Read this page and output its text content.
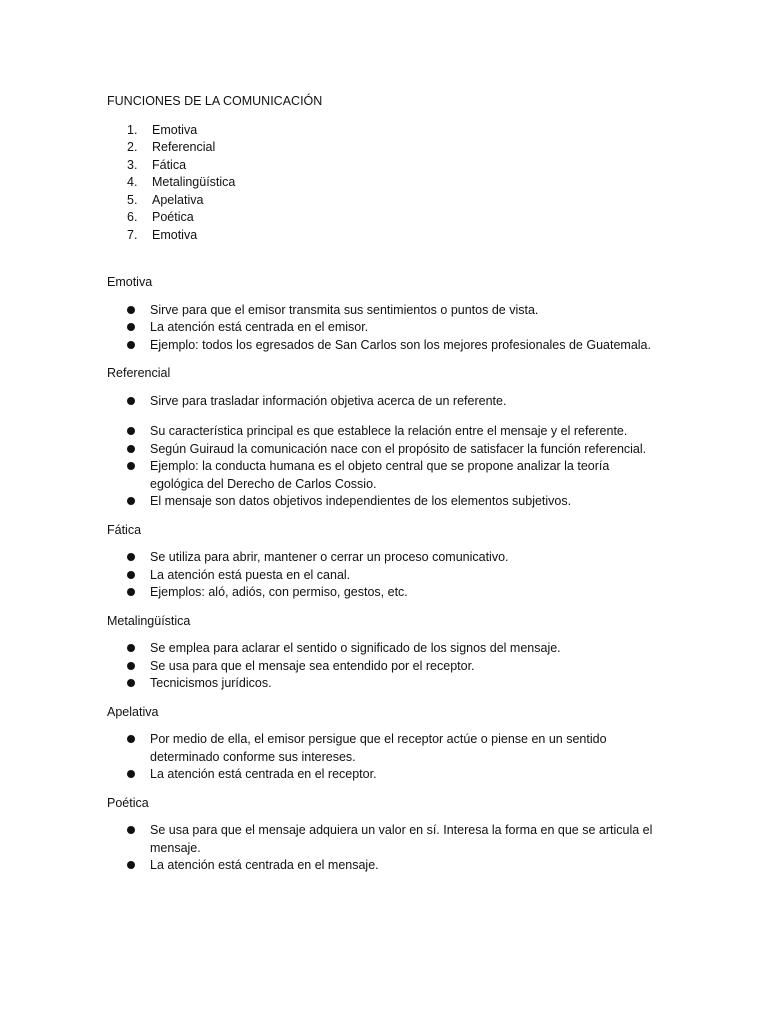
FUNCIONES DE LA COMUNICACIÓN
1.	Emotiva
2.	Referencial
3.	Fática
4.	Metalingüística
5.	Apelativa
6.	Poética
7.	Emotiva
Emotiva
Sirve para que el emisor transmita sus sentimientos o puntos de vista.
La atención está centrada en el emisor.
Ejemplo: todos los egresados de San Carlos son los mejores profesionales de Guatemala.
Referencial
Sirve para trasladar información objetiva acerca de un referente.
Su característica principal es que establece la relación entre el mensaje y el referente.
Según Guiraud la comunicación nace con el propósito de satisfacer la función referencial.
Ejemplo: la conducta humana es el objeto central que se propone analizar la teoría egológica del Derecho de Carlos Cossio.
El mensaje son datos objetivos independientes de los elementos subjetivos.
Fática
Se utiliza para abrir, mantener o cerrar un proceso comunicativo.
La atención está puesta en el canal.
Ejemplos: aló, adiós, con permiso, gestos, etc.
Metalingüística
Se emplea para aclarar el sentido o significado de los signos del mensaje.
Se usa para que el mensaje sea entendido por el receptor.
Tecnicismos jurídicos.
Apelativa
Por medio de ella, el emisor persigue que el receptor actúe o piense en un sentido determinado conforme sus intereses.
La atención está centrada en el receptor.
Poética
Se usa para que el mensaje adquiera un valor en sí. Interesa la forma en que se articula el mensaje.
La atención está centrada en el mensaje.
